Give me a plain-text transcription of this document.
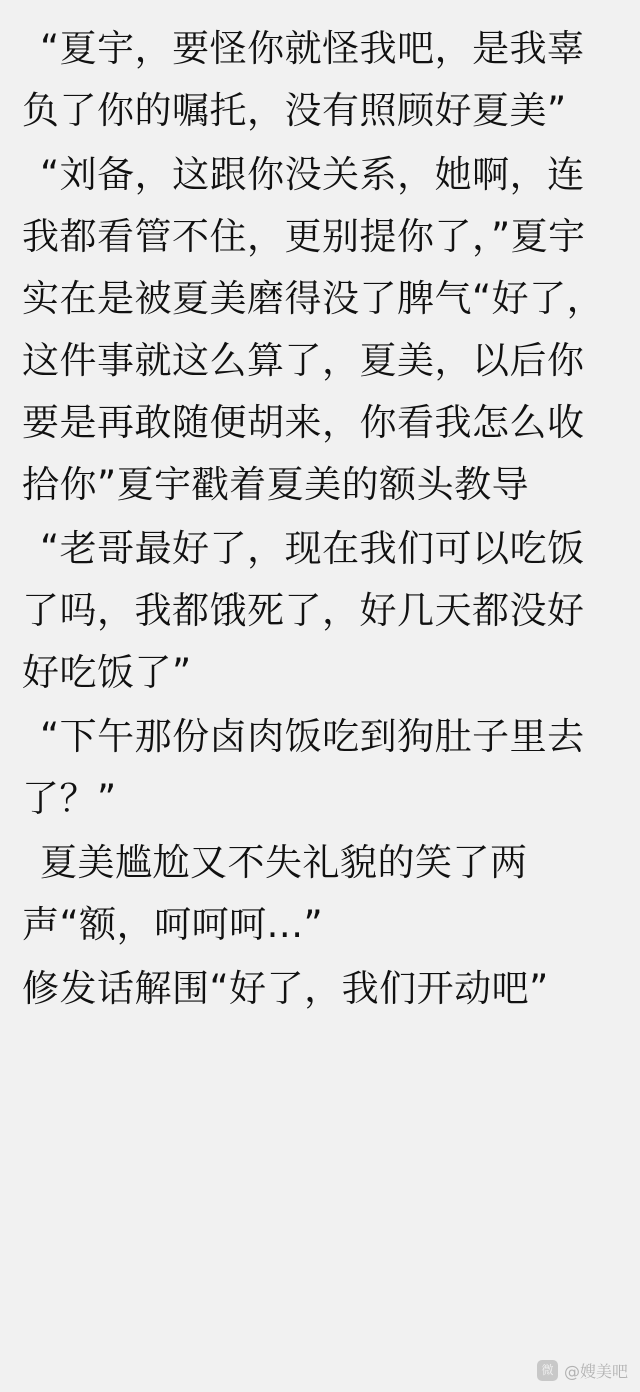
“夏宇，要怪你就怪我吧，是我辜负了你的嘱托，没有照顾好夏美”

“刘备，这跟你没关系，她啊，连我都看管不住，更别提你了，”夏宇实在是被夏美磨得没了脾气“好了，这件事就这么算了，夏美，以后你要是再敢随便胡来，你看我怎么收拾你”夏宇戳着夏美的额头教导

“老哥最好了，现在我们可以吃饭了吗，我都饿死了，好几天都没好好吃饭了”

“下午那份卤肉饭吃到狗肚子里去了？”

夏美尴尬又不失礼貌的笑了两声“额，呵呵呵...”

修发话解围“好了，我们开动吧”

微 @嫂美吧
